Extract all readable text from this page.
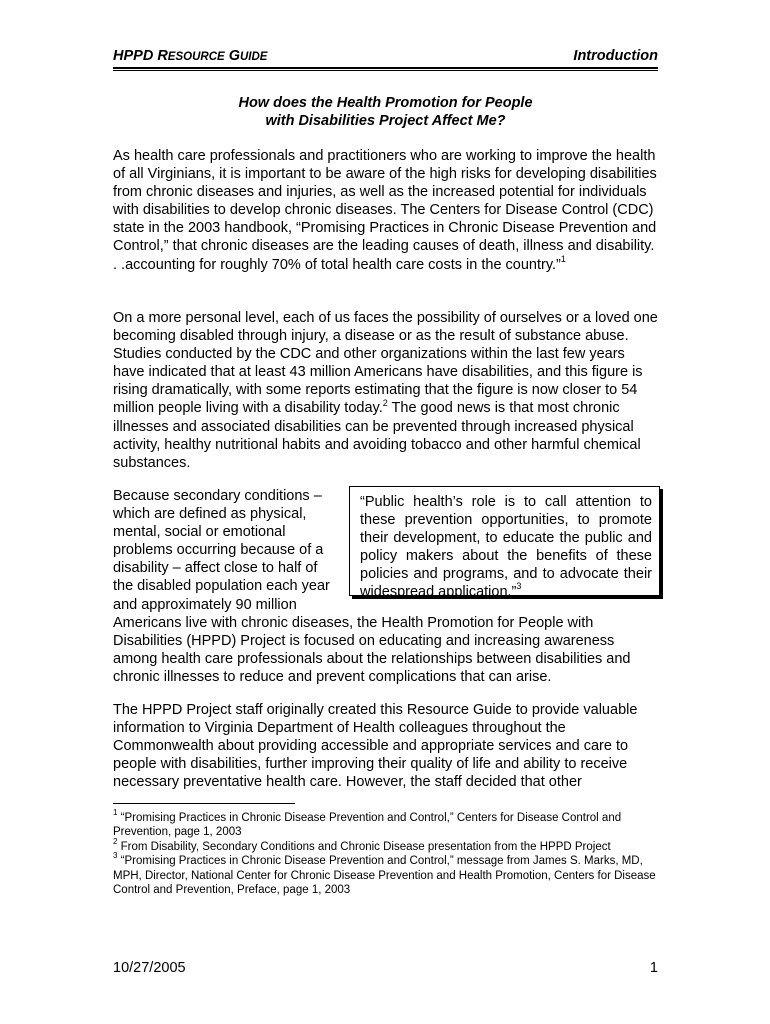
HPPD RESOURCE GUIDE	Introduction
How does the Health Promotion for People
with Disabilities Project Affect Me?

As health care professionals and practitioners who are working to improve the health of all Virginians, it is important to be aware of the high risks for developing disabilities from chronic diseases and injuries, as well as the increased potential for individuals with disabilities to develop chronic diseases. The Centers for Disease Control (CDC) state in the 2003 handbook, “Promising Practices in Chronic Disease Prevention and Control,” that chronic diseases are the leading causes of death, illness and disability. . .accounting for roughly 70% of total health care costs in the country.”$^1$

On a more personal level, each of us faces the possibility of ourselves or a loved one becoming disabled through injury, a disease or as the result of substance abuse. Studies conducted by the CDC and other organizations within the last few years have indicated that at least 43 million Americans have disabilities, and this figure is rising dramatically, with some reports estimating that the figure is now closer to 54 million people living with a disability today.$^2$ The good news is that most chronic illnesses and associated disabilities can be prevented through increased physical activity, healthy nutritional habits and avoiding tobacco and other harmful chemical substances.

Because secondary conditions – which are defined as physical, mental, social or emotional problems occurring because of a disability – affect close to half of the disabled population each year and approximately 90 million
Americans live with chronic diseases, the Health Promotion for People with Disabilities (HPPD) Project is focused on educating and increasing awareness among health care professionals about the relationships between disabilities and chronic illnesses to reduce and prevent complications that can arise.

“Public health’s role is to call attention to these prevention opportunities, to promote their development, to educate the public and policy makers about the benefits of these policies and programs, and to advocate their widespread application.”$^3$

The HPPD Project staff originally created this Resource Guide to provide valuable information to Virginia Department of Health colleagues throughout the Commonwealth about providing accessible and appropriate services and care to people with disabilities, further improving their quality of life and ability to receive necessary preventative health care. However, the staff decided that other

$^1$ “Promising Practices in Chronic Disease Prevention and Control,” Centers for Disease Control and Prevention, page 1, 2003

$^2$ From Disability, Secondary Conditions and Chronic Disease presentation from the HPPD Project

$^3$ “Promising Practices in Chronic Disease Prevention and Control,” message from James S. Marks, MD, MPH, Director, National Center for Chronic Disease Prevention and Health Promotion, Centers for Disease Control and Prevention, Preface, page 1, 2003

10/27/2005	1
